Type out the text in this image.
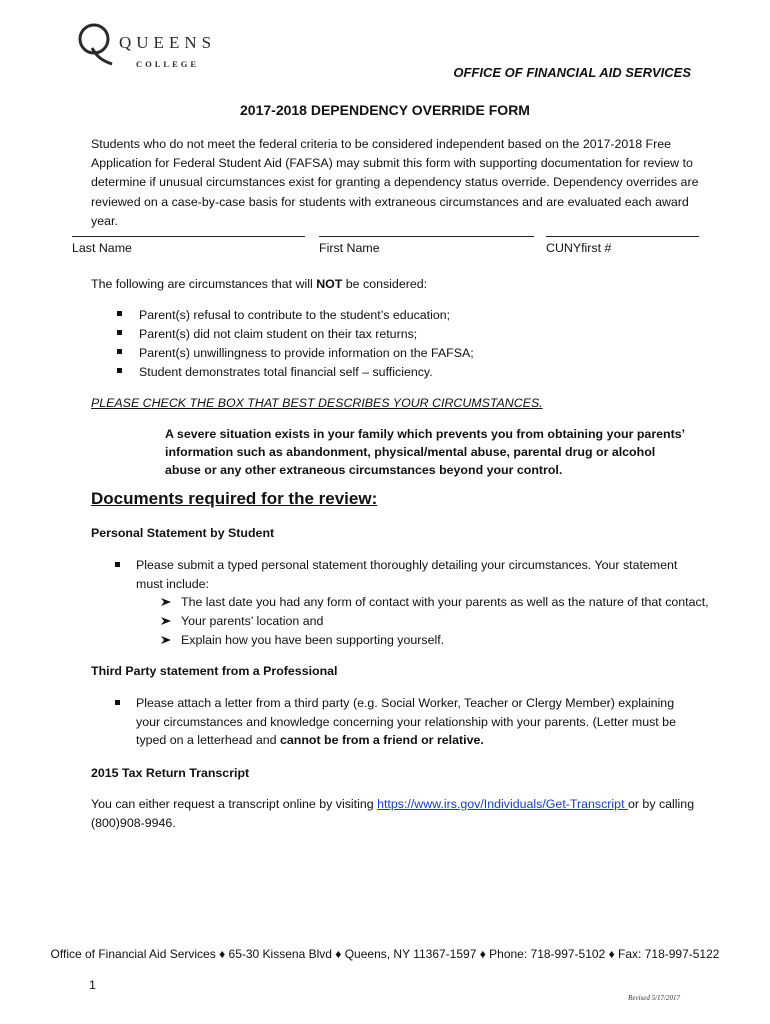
QUEENS
COLLEGE
OFFICE OF FINANCIAL AID SERVICES
2017-2018 DEPENDENCY OVERRIDE FORM
Students who do not meet the federal criteria to be considered independent based on the 2017-2018 Free Application for Federal Student Aid (FAFSA) may submit this form with supporting documentation for review to determine if unusual circumstances exist for granting a dependency status override. Dependency overrides are reviewed on a case-by-case basis for students with extraneous circumstances and are evaluated each award year.
Last Name	First Name	CUNYfirst #
The following are circumstances that will NOT be considered:
Parent(s) refusal to contribute to the student’s education;
Parent(s) did not claim student on their tax returns;
Parent(s) unwillingness to provide information on the FAFSA;
Student demonstrates total financial self – sufficiency.
PLEASE CHECK THE BOX THAT BEST DESCRIBES YOUR CIRCUMSTANCES.
A severe situation exists in your family which prevents you from obtaining your parents’ information such as abandonment, physical/mental abuse, parental drug or alcohol abuse or any other extraneous circumstances beyond your control.
Documents required for the review:
Personal Statement by Student
Please submit a typed personal statement thoroughly detailing your circumstances. Your statement must include:
The last date you had any form of contact with your parents as well as the nature of that contact,
Your parents’ location and
Explain how you have been supporting yourself.
Third Party statement from a Professional
Please attach a letter from a third party (e.g. Social Worker, Teacher or Clergy Member) explaining your circumstances and knowledge concerning your relationship with your parents. (Letter must be typed on a letterhead and cannot be from a friend or relative.
2015 Tax Return Transcript
You can either request a transcript online by visiting https://www.irs.gov/Individuals/Get-Transcript or by calling (800)908-9946.
Office of Financial Aid Services ♦ 65-30 Kissena Blvd ♦ Queens, NY 11367-1597 ♦ Phone: 718-997-5102 ♦ Fax: 718-997-5122
1
Revised 5/17/2017
